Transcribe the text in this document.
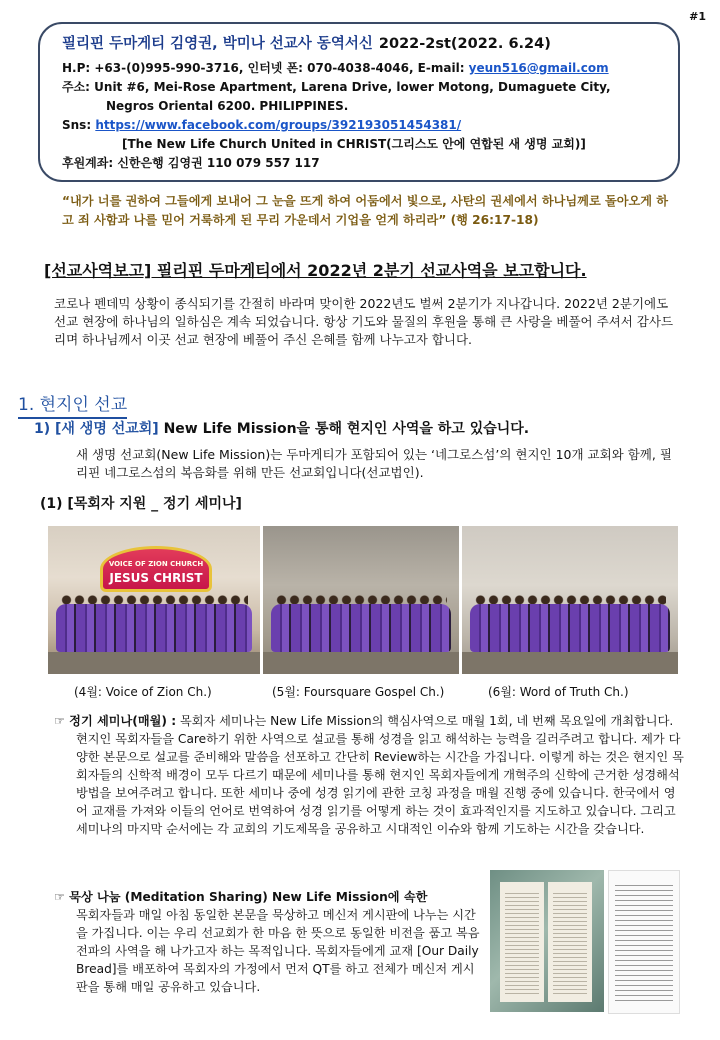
#1
필리핀 두마게티 김영권, 박미나 선교사 동역서신 2022-2st(2022. 6.24)
H.P: +63-(0)995-990-3716, 인터넷 폰: 070-4038-4046, E-mail: yeun516@gmail.com
주소: Unit #6, Mei-Rose Apartment, Larena Drive, lower Motong, Dumaguete City,
Negros Oriental 6200. PHILIPPINES.
Sns: https://www.facebook.com/groups/392193051454381/
[The New Life Church United in CHRIST(그리스도 안에 연합된 새 생명 교회)]
후원계좌: 신한은행 김영권 110 079 557 117
“내가 너를 권하여 그들에게 보내어 그 눈을 뜨게 하여 어둠에서 빛으로, 사탄의 권세에서 하나님께로 돌아오게 하고 죄 사함과 나를 믿어 거룩하게 된 무리 가운데서 기업을 얻게 하리라” (행 26:17-18)
[선교사역보고] 필리핀 두마게티에서 2022년 2분기 선교사역을 보고합니다.
코로나 펜데믹 상황이 종식되기를 간절히 바라며 맞이한 2022년도 벌써 2분기가 지나갑니다. 2022년 2분기에도 선교 현장에 하나님의 일하심은 계속 되었습니다. 항상 기도와 물질의 후원을 통해 큰 사랑을 베풀어 주셔서 감사드리며 하나님께서 이곳 선교 현장에 베풀어 주신 은혜를 함께 나누고자 합니다.
1. 현지인 선교
1) [새 생명 선교회] New Life Mission을 통해 현지인 사역을 하고 있습니다.
새 생명 선교회(New Life Mission)는 두마게티가 포함되어 있는 ‘네그로스섬’의 현지인 10개 교회와 함께, 필리핀 네그로스섬의 복음화를 위해 만든 선교회입니다(선교법인).
(1) [목회자 지원 _ 정기 세미나]
VOICE OF ZION CHURCH
JESUS CHRIST
(4월: Voice of Zion Ch.)	(5월: Foursquare Gospel Ch.)	(6월: Word of Truth Ch.)
☞ 정기 세미나(매월) : 목회자 세미나는 New Life Mission의 핵심사역으로 매월 1회, 네 번째 목요일에 개최합니다. 현지인 목회자들을 Care하기 위한 사역으로 설교를 통해 성경을 읽고 해석하는 능력을 길러주려고 합니다. 제가 다양한 본문으로 설교를 준비해와 말씀을 선포하고 간단히 Review하는 시간을 가집니다. 이렇게 하는 것은 현지인 목회자들의 신학적 배경이 모두 다르기 때문에 세미나를 통해 현지인 목회자들에게 개혁주의 신학에 근거한 성경해석 방법을 보여주려고 합니다. 또한 세미나 중에 성경 읽기에 관한 코칭 과정을 매월 진행 중에 있습니다. 한국에서 영어 교재를 가져와 이들의 언어로 번역하여 성경 읽기를 어떻게 하는 것이 효과적인지를 지도하고 있습니다. 그리고 세미나의 마지막 순서에는 각 교회의 기도제목을 공유하고 시대적인 이슈와 함께 기도하는 시간을 갖습니다.
☞ 묵상 나눔 (Meditation Sharing) New Life Mission에 속한
목회자들과 매일 아침 동일한 본문을 묵상하고 메신저 게시판에 나누는 시간을 가집니다. 이는 우리 선교회가 한 마음 한 뜻으로 동일한 비전을 품고 복음전파의 사역을 해 나가고자 하는 목적입니다. 목회자들에게 교재 [Our Daily Bread]를 배포하여 목회자의 가정에서 먼저 QT를 하고 전체가 메신저 게시판을 통해 매일 공유하고 있습니다.
